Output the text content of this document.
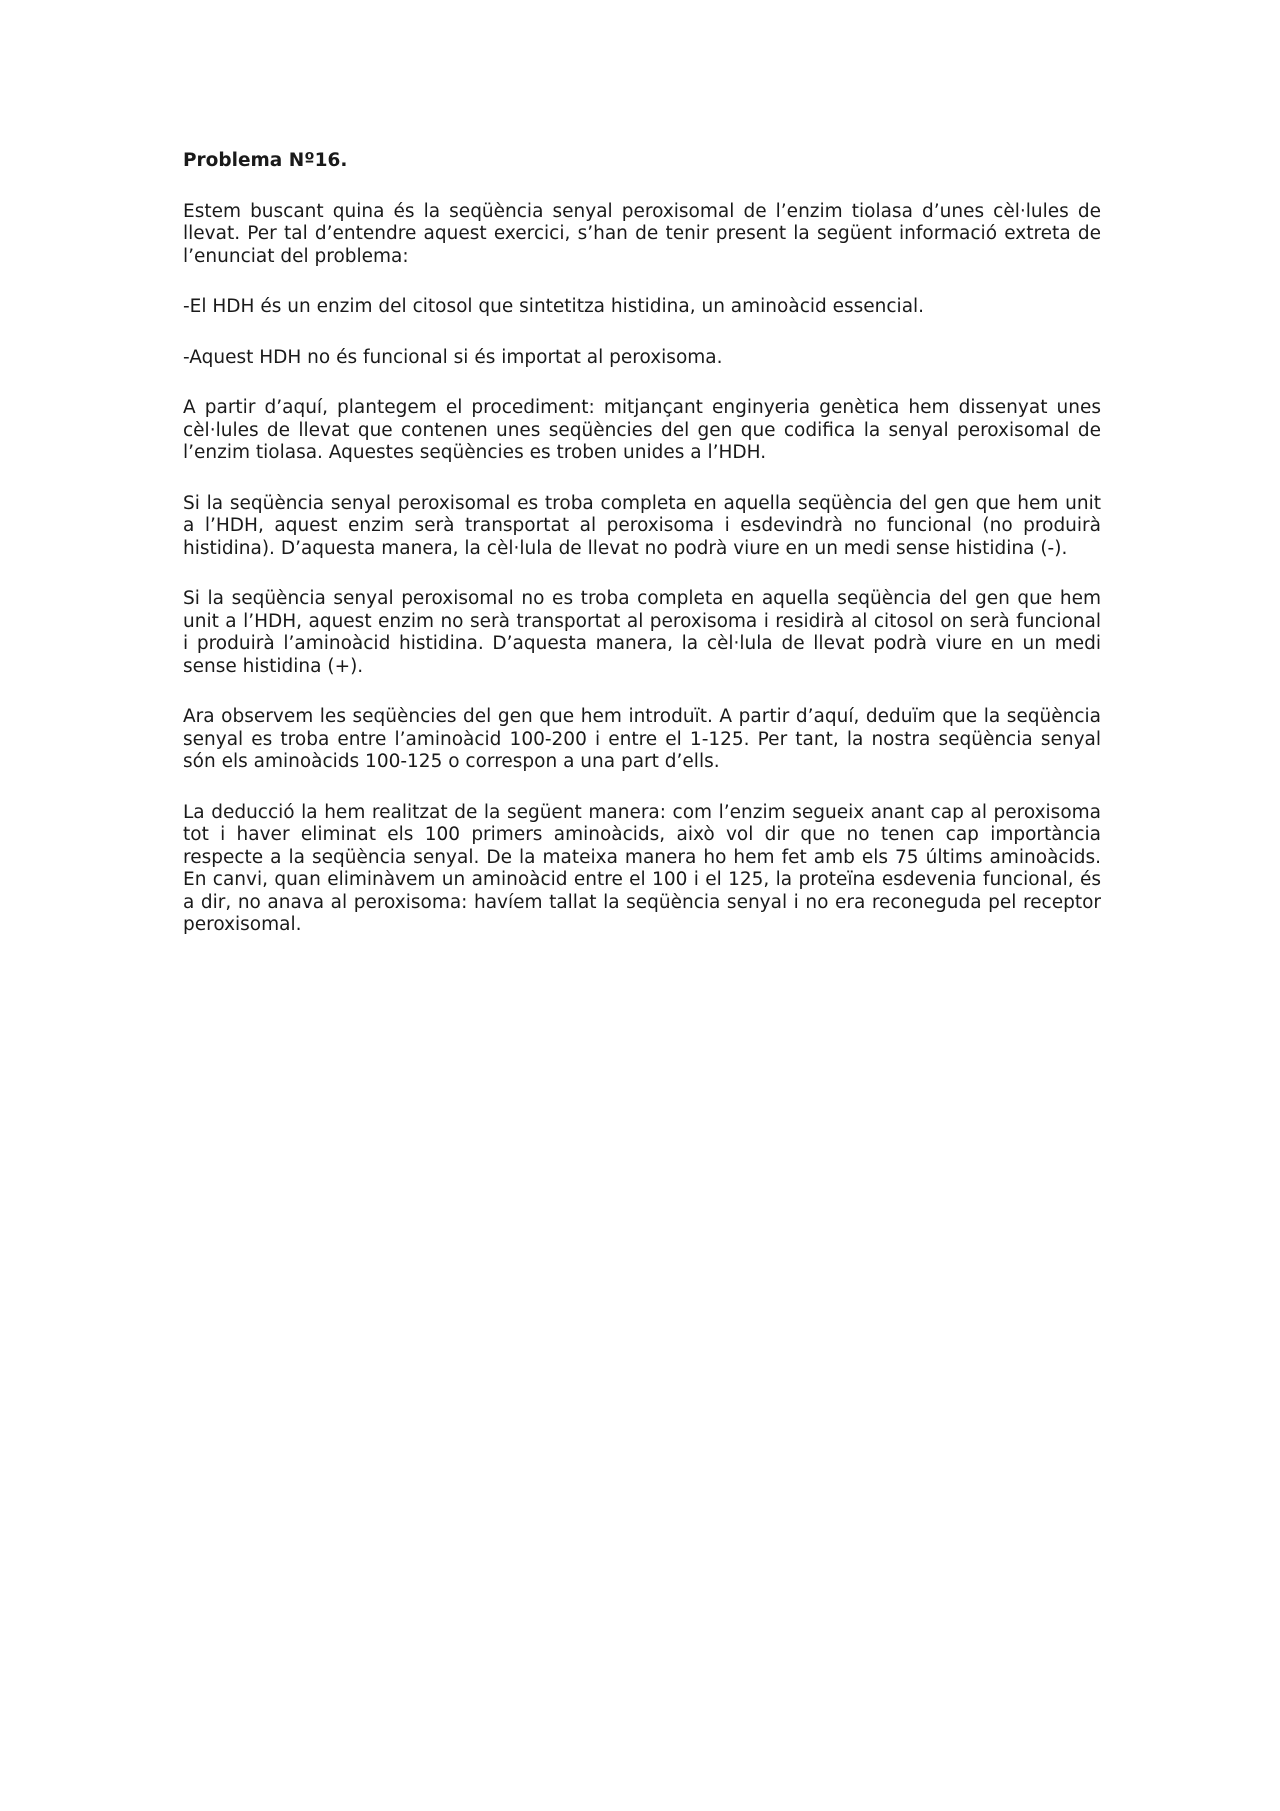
Problema Nº16.

Estem buscant quina és la seqüència senyal peroxisomal de l’enzim tiolasa d’unes cèl·lules de llevat. Per tal d’entendre aquest exercici, s’han de tenir present la següent informació extreta de l’enunciat del problema:

-El HDH és un enzim del citosol que sintetitza histidina, un aminoàcid essencial.

-Aquest HDH no és funcional si és importat al peroxisoma.

A partir d’aquí, plantegem el procediment: mitjançant enginyeria genètica hem dissenyat unes cèl·lules de llevat que contenen unes seqüències del gen que codifica la senyal peroxisomal de l’enzim tiolasa. Aquestes seqüències es troben unides a l’HDH.

Si la seqüència senyal peroxisomal es troba completa en aquella seqüència del gen que hem unit a l’HDH, aquest enzim serà transportat al peroxisoma i esdevindrà no funcional (no produirà histidina). D’aquesta manera, la cèl·lula de llevat no podrà viure en un medi sense histidina (-).

Si la seqüència senyal peroxisomal no es troba completa en aquella seqüència del gen que hem unit a l’HDH, aquest enzim no serà transportat al peroxisoma i residirà al citosol on serà funcional i produirà l’aminoàcid histidina. D’aquesta manera, la cèl·lula de llevat podrà viure en un medi sense histidina (+).

Ara observem les seqüències del gen que hem introduït. A partir d’aquí, deduïm que la seqüència senyal es troba entre l’aminoàcid 100-200 i entre el 1-125. Per tant, la nostra seqüència senyal són els aminoàcids 100-125 o correspon a una part d’ells.

La deducció la hem realitzat de la següent manera: com l’enzim segueix anant cap al peroxisoma tot i haver eliminat els 100 primers aminoàcids, això vol dir que no tenen cap importància respecte a la seqüència senyal. De la mateixa manera ho hem fet amb els 75 últims aminoàcids. En canvi, quan eliminàvem un aminoàcid entre el 100 i el 125, la proteïna esdevenia funcional, és a dir, no anava al peroxisoma: havíem tallat la seqüència senyal i no era reconeguda pel receptor peroxisomal.
